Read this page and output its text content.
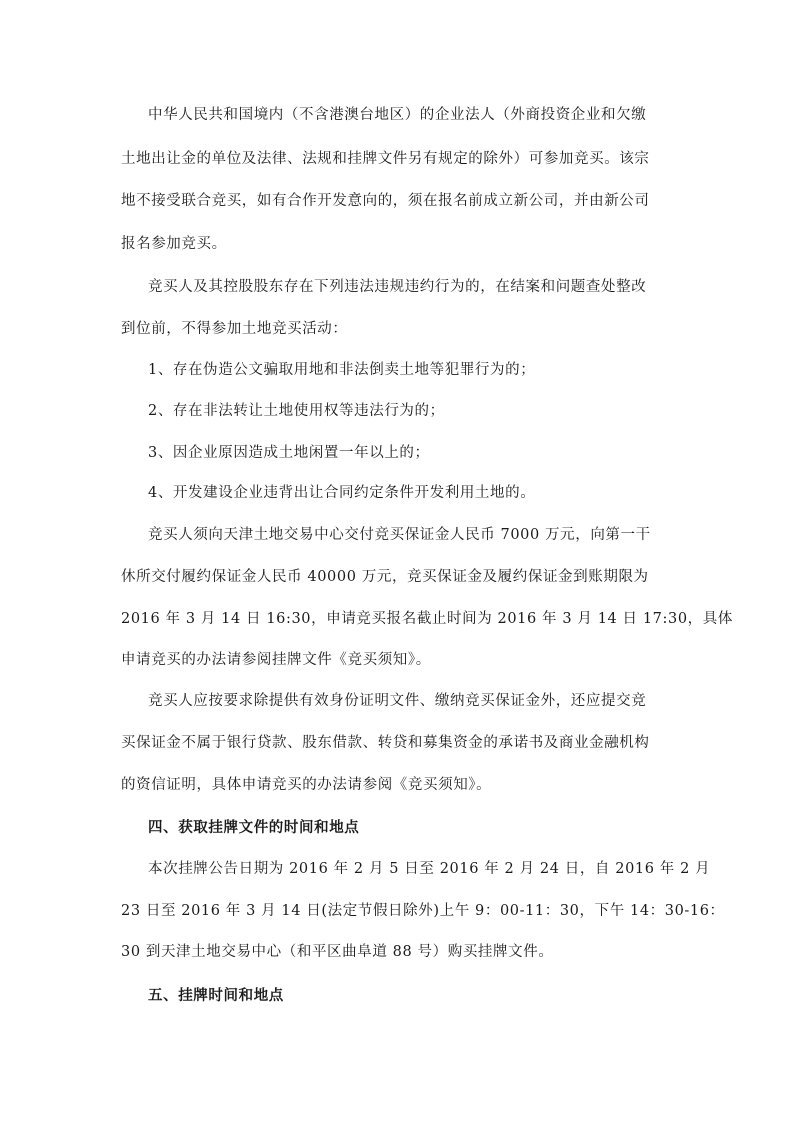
中华人民共和国境内（不含港澳台地区）的企业法人（外商投资企业和欠缴
土地出让金的单位及法律、法规和挂牌文件另有规定的除外）可参加竞买。该宗
地不接受联合竞买，如有合作开发意向的，须在报名前成立新公司，并由新公司
报名参加竞买。
竞买人及其控股股东存在下列违法违规违约行为的，在结案和问题查处整改
到位前，不得参加土地竞买活动：
1、存在伪造公文骗取用地和非法倒卖土地等犯罪行为的；
2、存在非法转让土地使用权等违法行为的；
3、因企业原因造成土地闲置一年以上的；
4、开发建设企业违背出让合同约定条件开发利用土地的。
竞买人须向天津土地交易中心交付竞买保证金人民币 7000 万元，向第一干
休所交付履约保证金人民币 40000 万元，竞买保证金及履约保证金到账期限为
2016 年 3 月 14 日 16:30，申请竞买报名截止时间为 2016 年 3 月 14 日 17:30，具体
申请竞买的办法请参阅挂牌文件《竞买须知》。
竞买人应按要求除提供有效身份证明文件、缴纳竞买保证金外，还应提交竞
买保证金不属于银行贷款、股东借款、转贷和募集资金的承诺书及商业金融机构
的资信证明，具体申请竞买的办法请参阅《竞买须知》。
四、获取挂牌文件的时间和地点
本次挂牌公告日期为 2016 年 2 月 5 日至 2016 年 2 月 24 日，自 2016 年 2 月
23 日至 2016 年 3 月 14 日(法定节假日除外)上午 9：00-11：30，下午 14：30-16：
30 到天津土地交易中心（和平区曲阜道 88 号）购买挂牌文件。
五、挂牌时间和地点
